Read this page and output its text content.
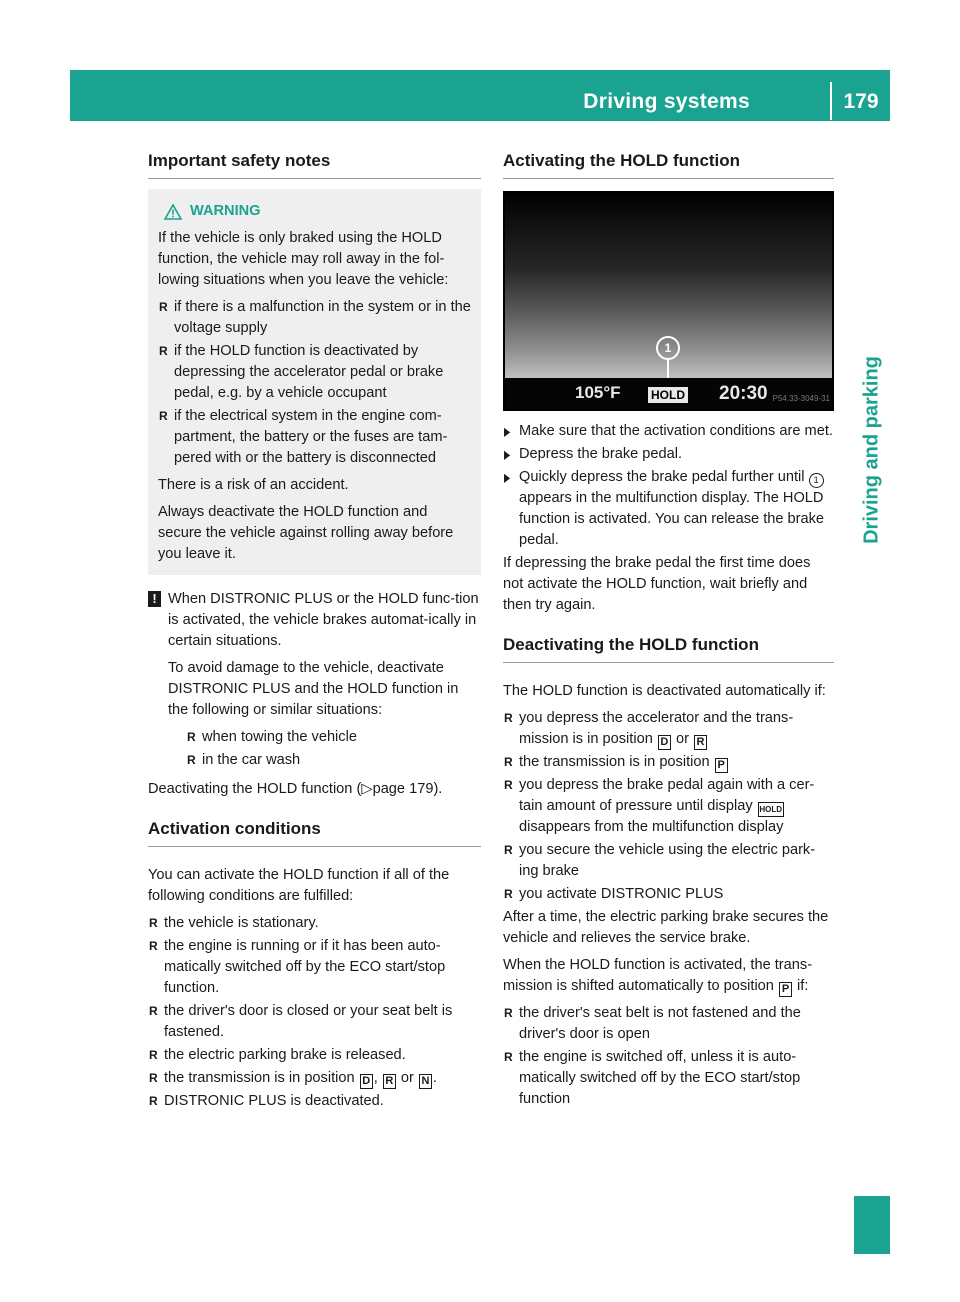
Driving systems	179
Driving and parking
Important safety notes
WARNING

If the vehicle is only braked using the HOLD function, the vehicle may roll away in the fol-lowing situations when you leave the vehicle:

R if there is a malfunction in the system or in the voltage supply
R if the HOLD function is deactivated by depressing the accelerator pedal or brake pedal, e.g. by a vehicle occupant
R if the electrical system in the engine com-partment, the battery or the fuses are tam-pered with or the battery is disconnected

There is a risk of an accident.

Always deactivate the HOLD function and secure the vehicle against rolling away before you leave it.

! When DISTRONIC PLUS or the HOLD func-tion is activated, the vehicle brakes automat-ically in certain situations.

To avoid damage to the vehicle, deactivate DISTRONIC PLUS and the HOLD function in the following or similar situations:

R when towing the vehicle
R in the car wash

Deactivating the HOLD function (▷page 179).

Activation conditions

You can activate the HOLD function if all of the following conditions are fulfilled:

R the vehicle is stationary.
R the engine is running or if it has been auto-matically switched off by the ECO start/stop function.
R the driver's door is closed or your seat belt is fastened.
R the electric parking brake is released.
R the transmission is in position D , R or N .
R DISTRONIC PLUS is deactivated.
Activating the HOLD function
1
105°F	HOLD 20:30 P54.33-3049-31
▶ Make sure that the activation conditions are met.
▶ Depress the brake pedal.
▶ Quickly depress the brake pedal further until 1 appears in the multifunction display. The HOLD function is activated. You can release the brake pedal.

If depressing the brake pedal the first time does not activate the HOLD function, wait briefly and then try again.

Deactivating the HOLD function

The HOLD function is deactivated automatically if:

R you depress the accelerator and the trans-mission is in position D or R
R the transmission is in position P
R you depress the brake pedal again with a cer-tain amount of pressure until display HOLD disappears from the multifunction display
R you secure the vehicle using the electric park-ing brake
R you activate DISTRONIC PLUS

After a time, the electric parking brake secures the vehicle and relieves the service brake.

When the HOLD function is activated, the trans-mission is shifted automatically to position P if:

R the driver's seat belt is not fastened and the driver's door is open
R the engine is switched off, unless it is auto-matically switched off by the ECO start/stop function
